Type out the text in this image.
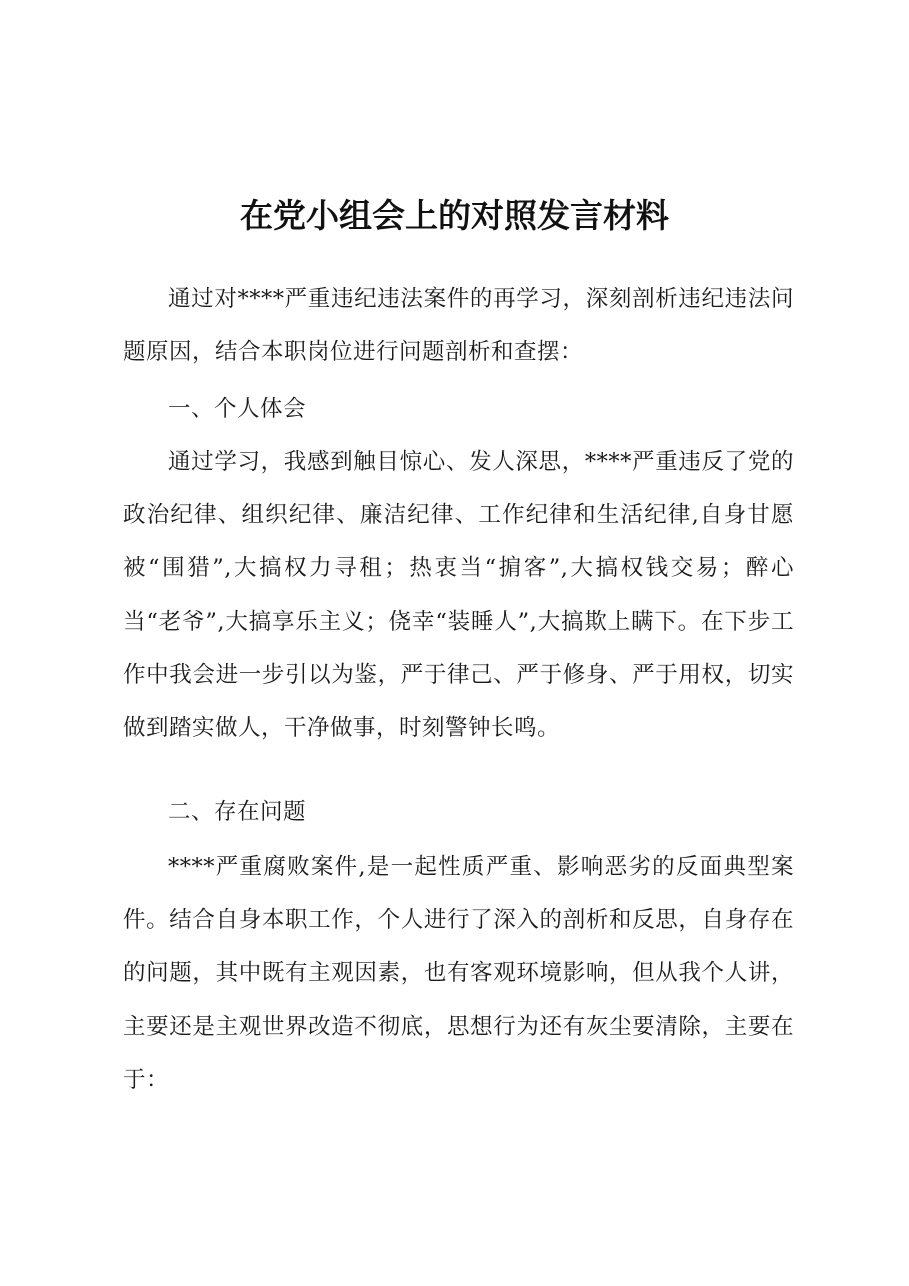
在党小组会上的对照发言材料

通过对****严重违纪违法案件的再学习，深刻剖析违纪违法问题原因，结合本职岗位进行问题剖析和查摆：

一、个人体会

通过学习，我感到触目惊心、发人深思，****严重违反了党的政治纪律、组织纪律、廉洁纪律、工作纪律和生活纪律,自身甘愿被“围猎”,大搞权力寻租；热衷当“掮客”,大搞权钱交易；醉心当“老爷”,大搞享乐主义；侥幸“装睡人”,大搞欺上瞒下。在下步工作中我会进一步引以为鉴，严于律己、严于修身、严于用权，切实做到踏实做人，干净做事，时刻警钟长鸣。

二、存在问题

****严重腐败案件,是一起性质严重、影响恶劣的反面典型案件。结合自身本职工作，个人进行了深入的剖析和反思，自身存在的问题，其中既有主观因素，也有客观环境影响，但从我个人讲，主要还是主观世界改造不彻底，思想行为还有灰尘要清除，主要在于：
